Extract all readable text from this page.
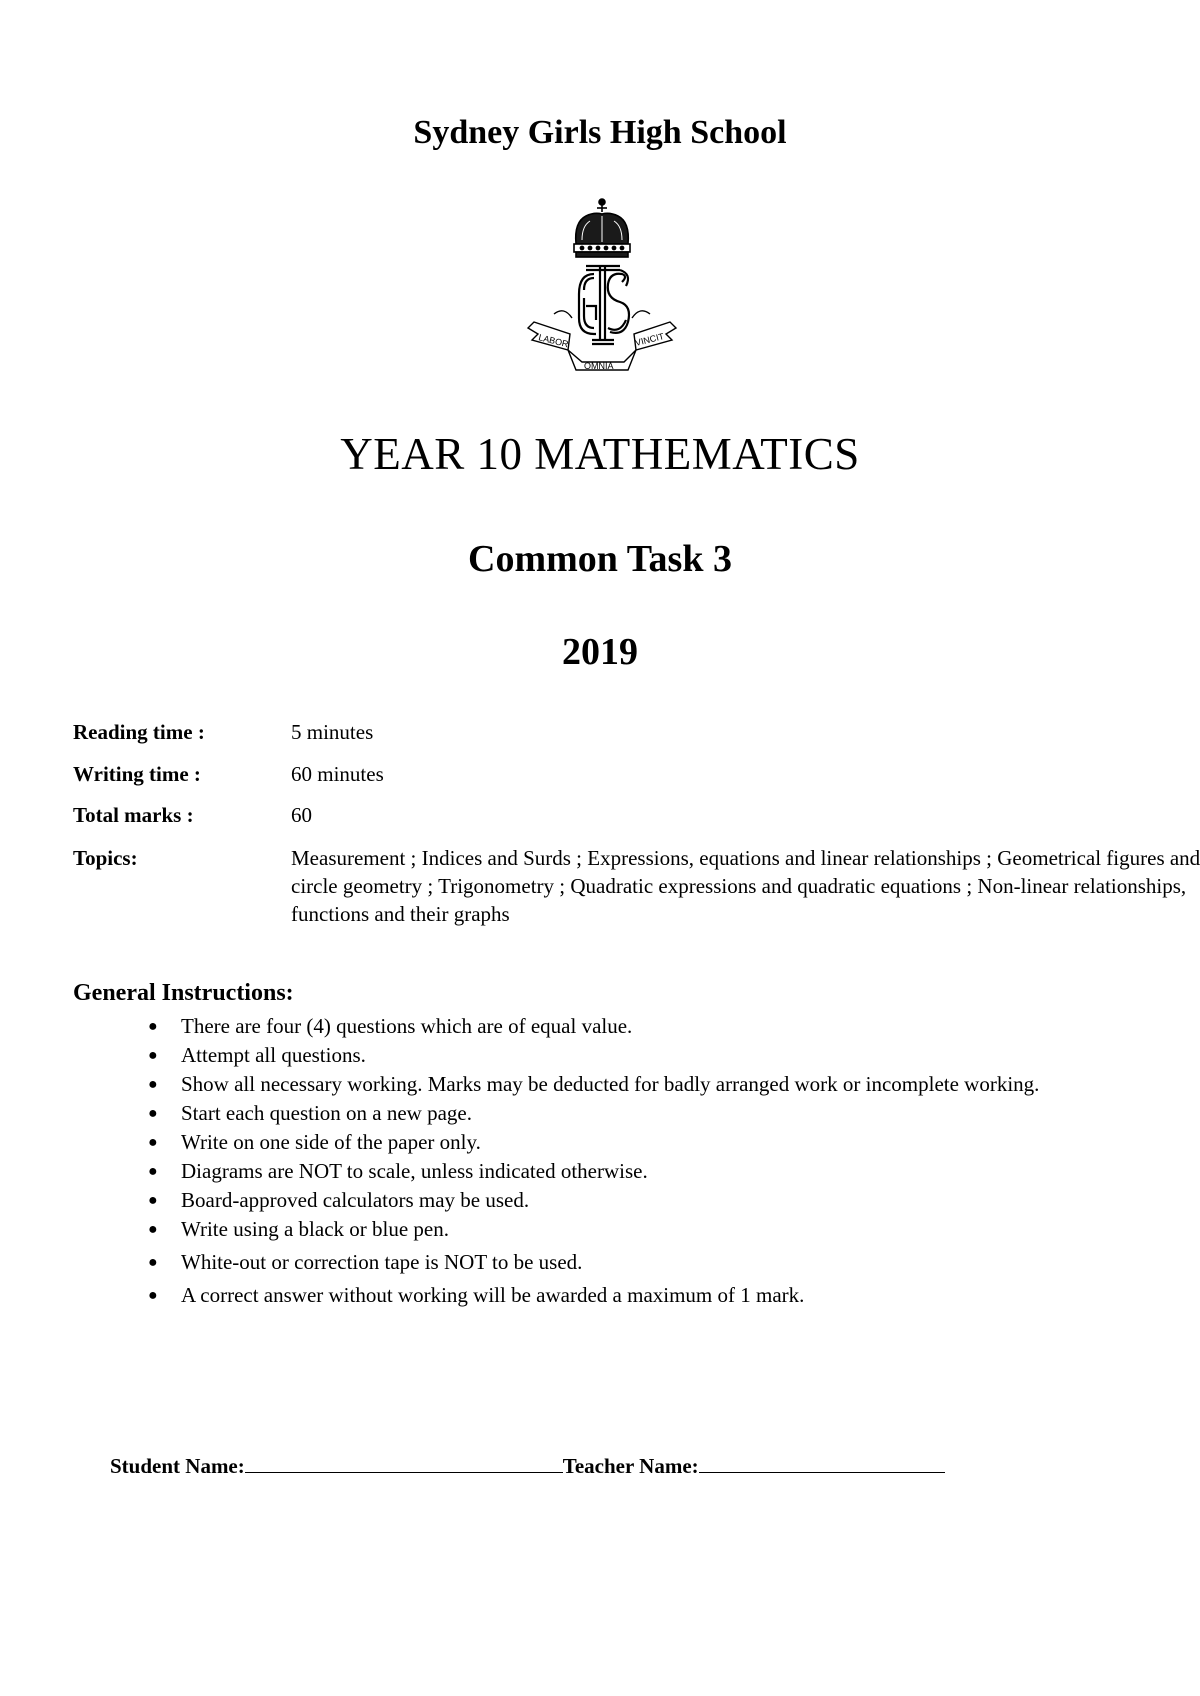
Sydney Girls High School
LABOR
OMNIA
VINCIT
YEAR 10 MATHEMATICS
Common Task 3
2019
Reading time :	5 minutes
Writing time :	60 minutes
Total marks :	60
Topics:	Measurement ; Indices and Surds ; Expressions, equations and linear relationships ; Geometrical figures and circle geometry ; Trigonometry ; Quadratic expressions and quadratic equations ; Non-linear relationships, functions and their graphs
General Instructions:
● There are four (4) questions which are of equal value.
● Attempt all questions.
● Show all necessary working. Marks may be deducted for badly arranged work or incomplete working.
● Start each question on a new page.
● Write on one side of the paper only.
● Diagrams are NOT to scale, unless indicated otherwise.
● Board-approved calculators may be used.
● Write using a black or blue pen.
● White-out or correction tape is NOT to be used.
● A correct answer without working will be awarded a maximum of 1 mark.
Student Name:	Teacher Name:
